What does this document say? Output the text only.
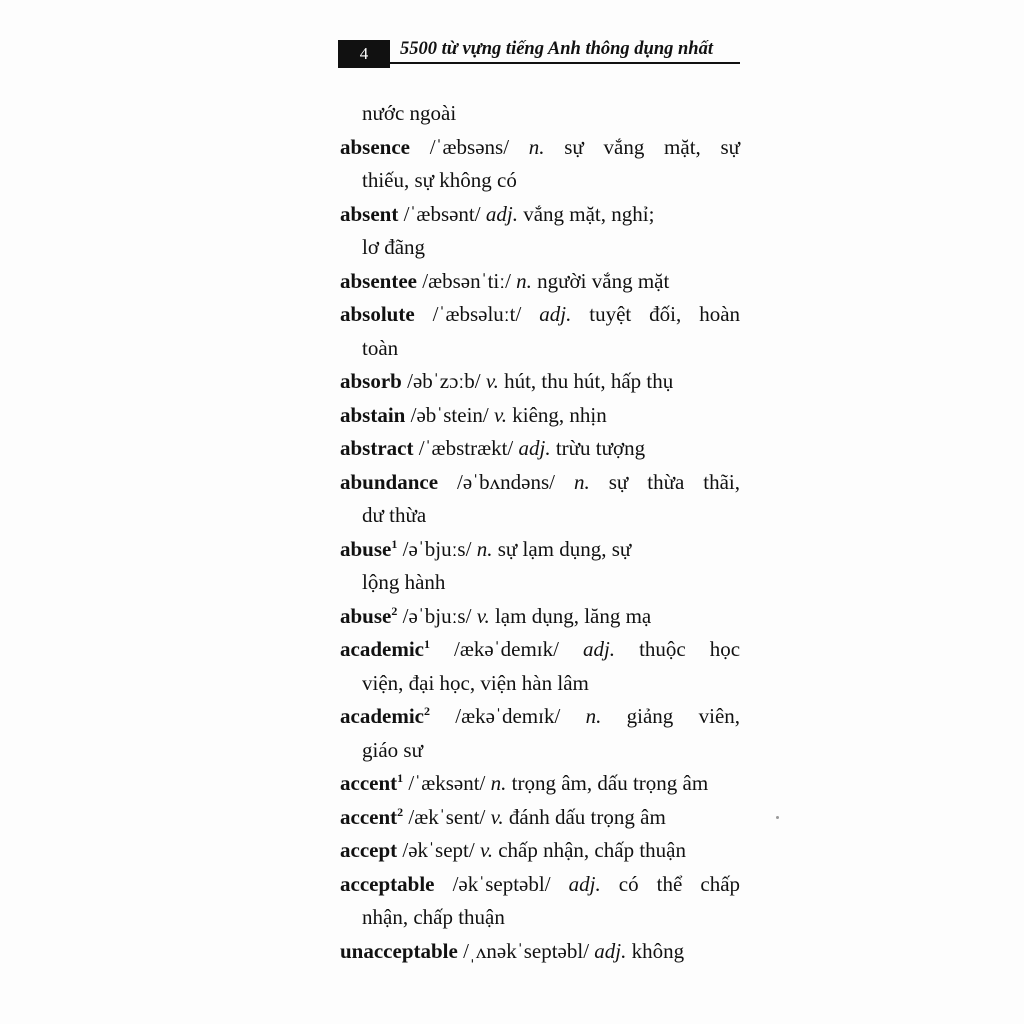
4	5500 từ vựng tiếng Anh thông dụng nhất
nước ngoài
absence /ˈæbsəns/ n. sự vắng mặt, sự
thiếu, sự không có
absent /ˈæbsənt/ adj. vắng mặt, nghỉ;
lơ đãng
absentee /æbsənˈtiː/ n. người vắng mặt
absolute /ˈæbsəluːt/ adj. tuyệt đối, hoàn
toàn
absorb /əbˈzɔːb/ v. hút, thu hút, hấp thụ
abstain /əbˈstein/ v. kiêng, nhịn
abstract /ˈæbstrækt/ adj. trừu tượng
abundance /əˈbʌndəns/ n. sự thừa thãi,
dư thừa
abuse$^1$ /əˈbjuːs/ n. sự lạm dụng, sự
lộng hành
abuse$^2$ /əˈbjuːs/ v. lạm dụng, lăng mạ
academic$^1$ /ækəˈdemɪk/ adj. thuộc học
viện, đại học, viện hàn lâm
academic$^2$ /ækəˈdemɪk/ n. giảng viên,
giáo sư
accent$^1$ /ˈæksənt/ n. trọng âm, dấu trọng âm
accent$^2$ /ækˈsent/ v. đánh dấu trọng âm
accept /əkˈsept/ v. chấp nhận, chấp thuận
acceptable /əkˈseptəbl/ adj. có thể chấp
nhận, chấp thuận
unacceptable /ˌʌnəkˈseptəbl/ adj. không
